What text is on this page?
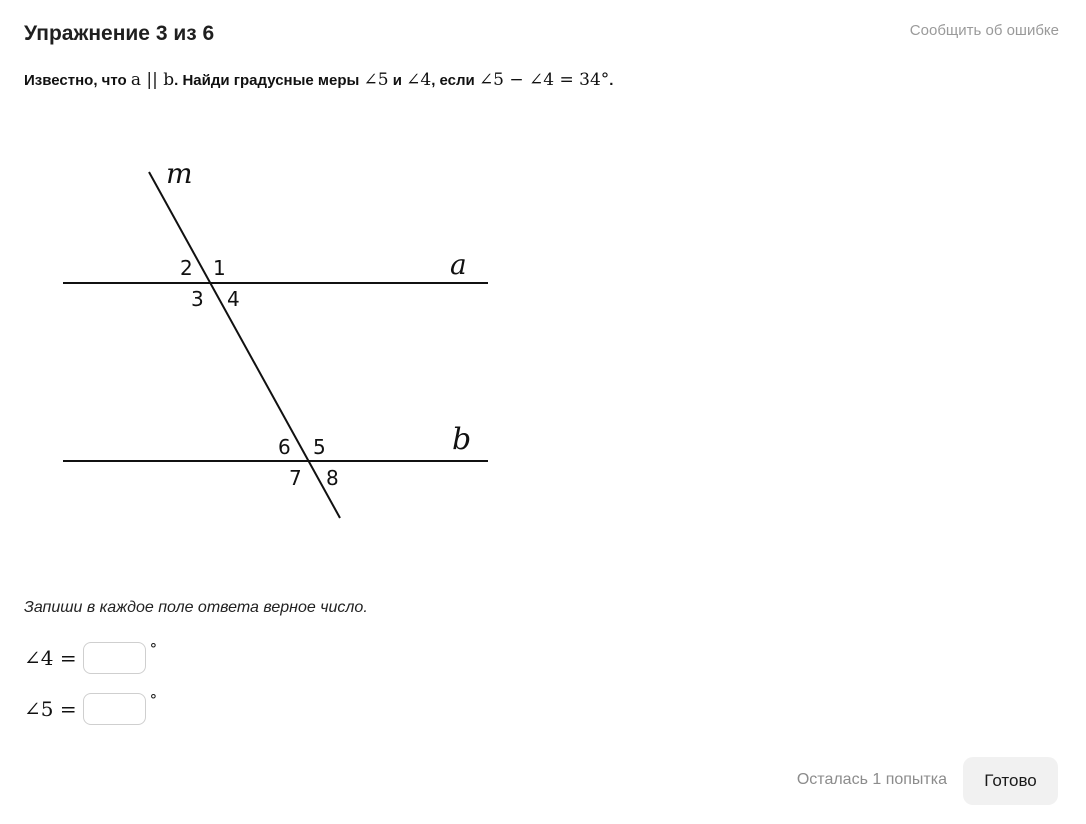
Упражнение 3 из 6	Сообщить об ошибке
Известно, что a || b. Найди градусные меры ∠5 и ∠4, если ∠5 − ∠4 = 34°.
m
a
b
1
2
3 4
5
6
7 8
Запиши в каждое поле ответа верное число.
∠4 =	°
∠5 =	°
Осталась 1 попытка	Готово
